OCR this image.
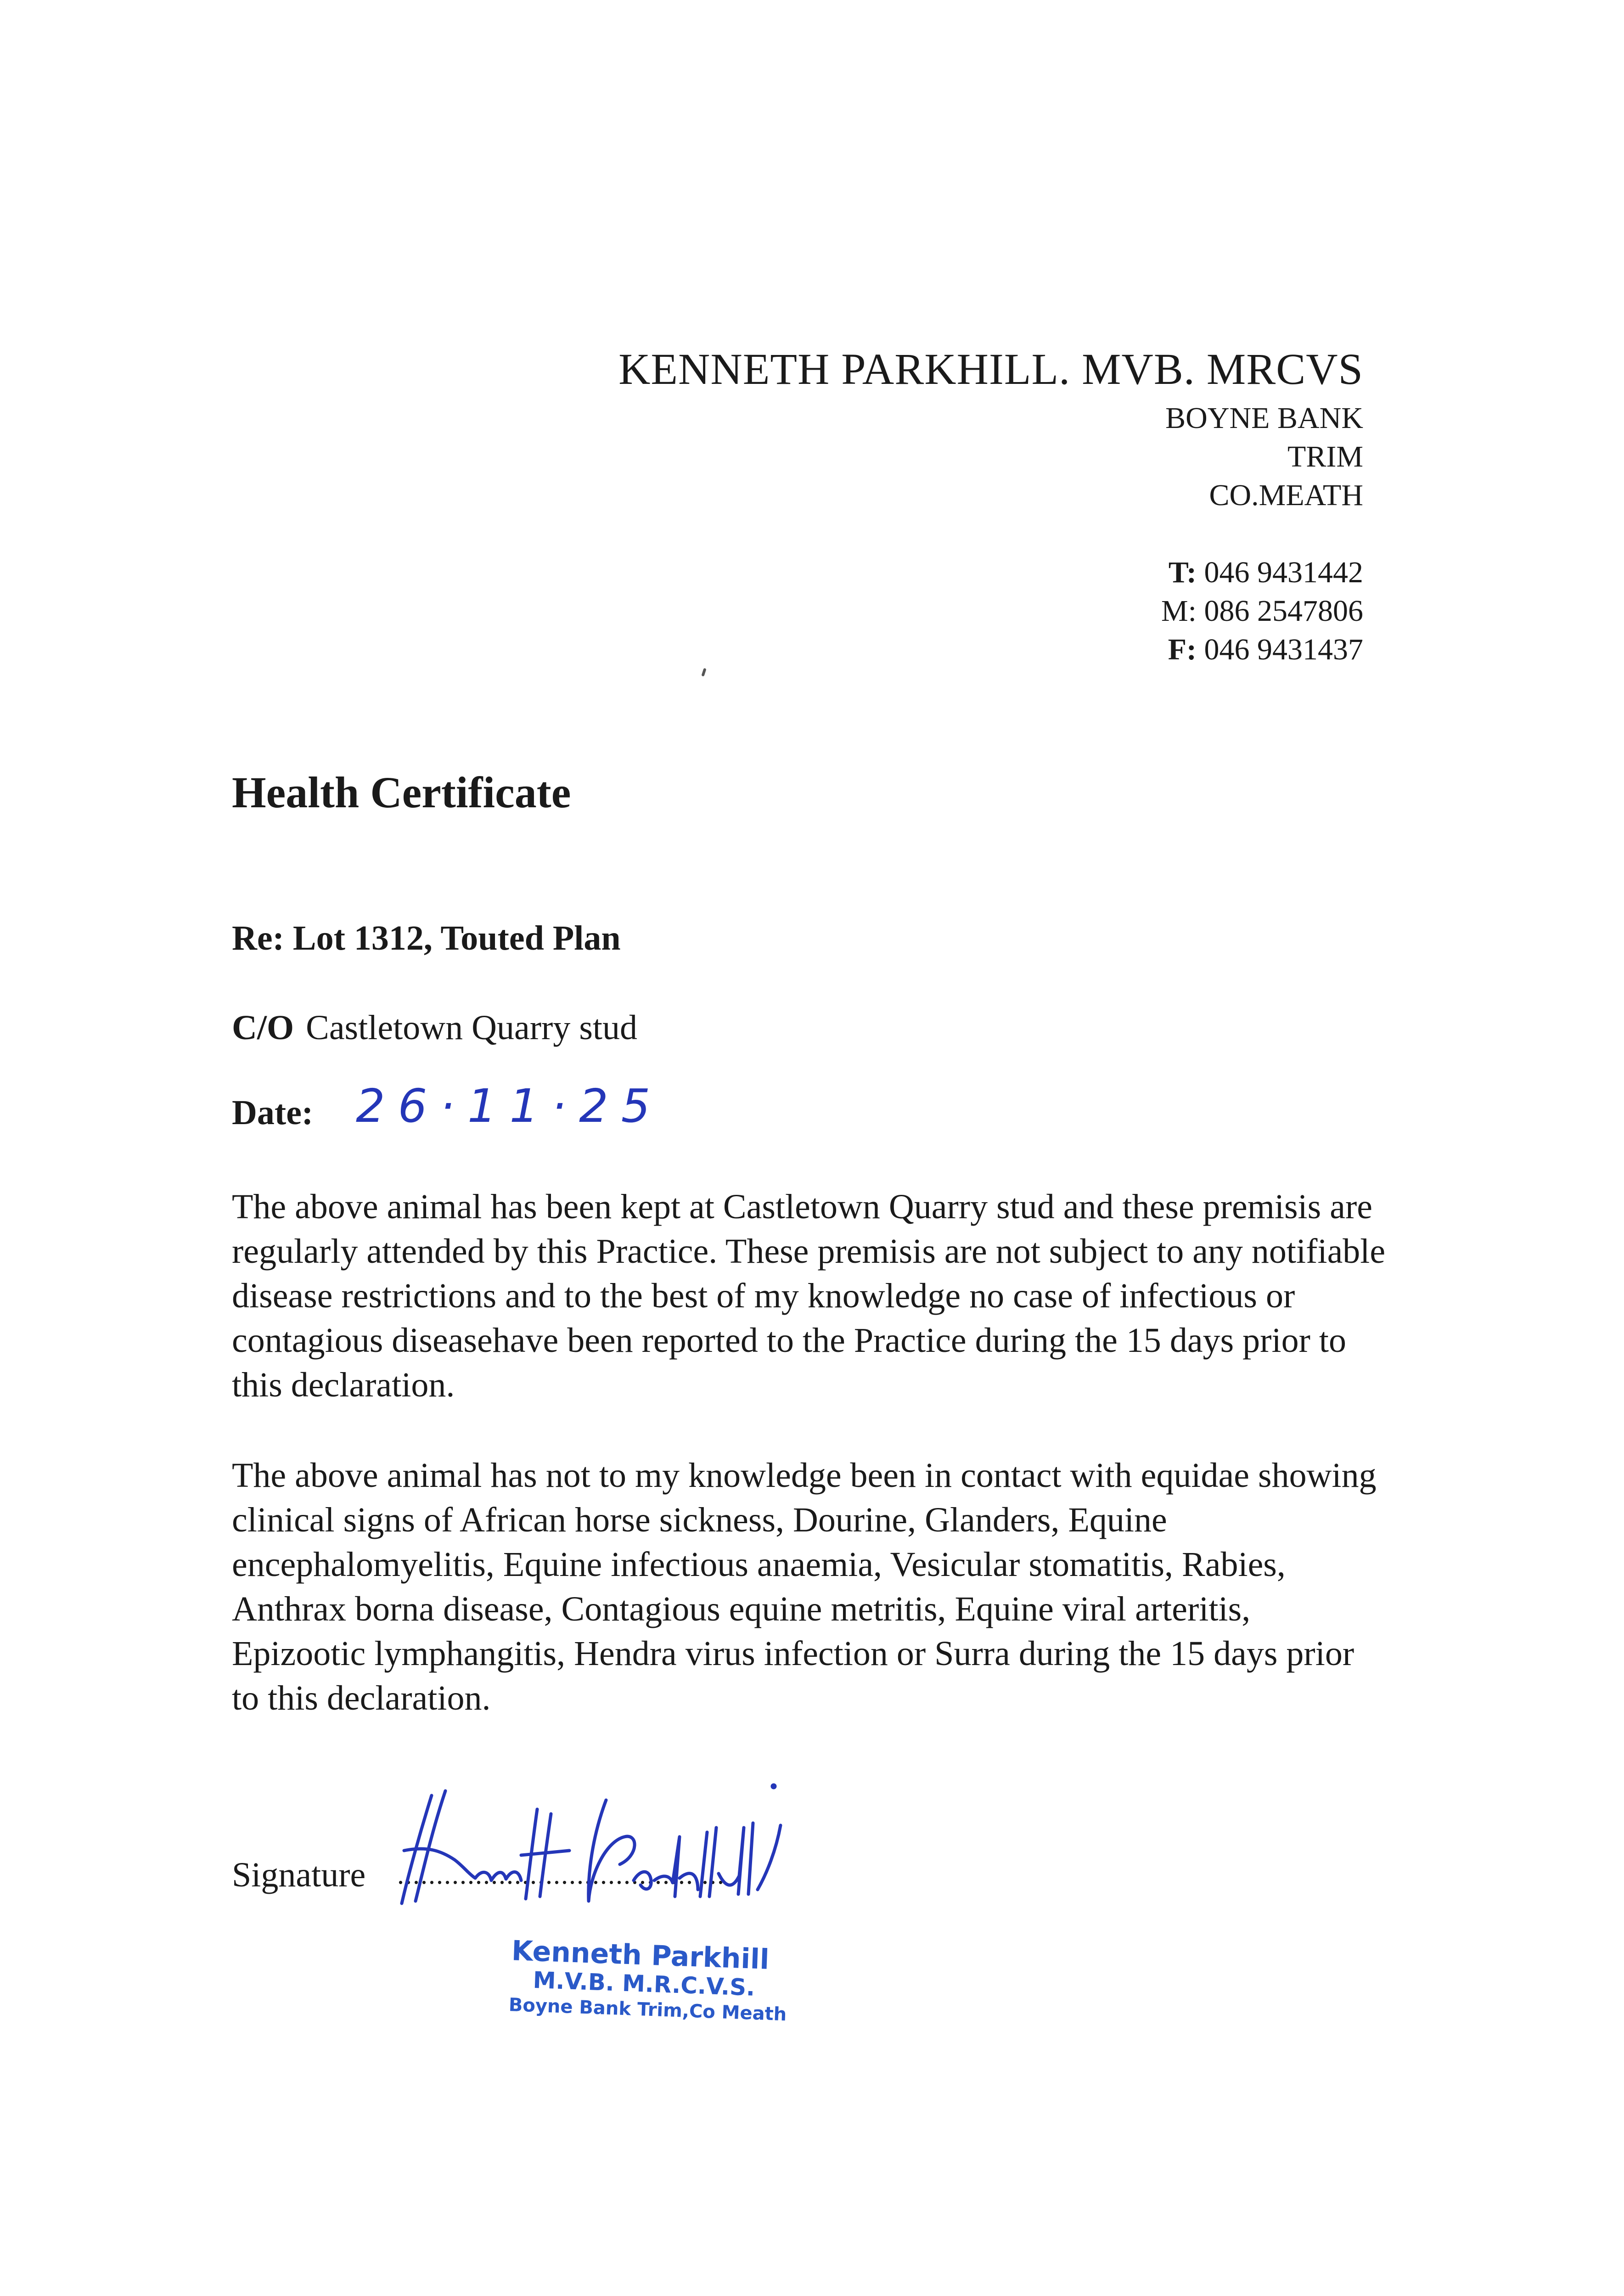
KENNETH PARKHILL. MVB. MRCVS
BOYNE BANK
TRIM
CO.MEATH
T: 046 9431442
M: 086 2547806
F: 046 9431437
Health Certificate
Re: Lot 1312, Touted Plan
C/O Castletown Quarry stud
Date: 26·11·25
The above animal has been kept at Castletown Quarry stud and these premisis are regularly attended by this Practice. These premisis are not subject to any notifiable disease restrictions and to the best of my knowledge no case of infectious or contagious diseasehave been reported to the Practice during the 15 days prior to this declaration.
The above animal has not to my knowledge been in contact with equidae showing clinical signs of African horse sickness, Dourine, Glanders, Equine encephalomyelitis, Equine infectious anaemia, Vesicular stomatitis, Rabies, Anthrax borna disease, Contagious equine metritis, Equine viral arteritis, Epizootic lymphangitis, Hendra virus infection or Surra during the 15 days prior to this declaration.
Signature ..........................................
Kenneth Parkhill
M.V.B. M.R.C.V.S.
Boyne Bank Trim,Co Meath
